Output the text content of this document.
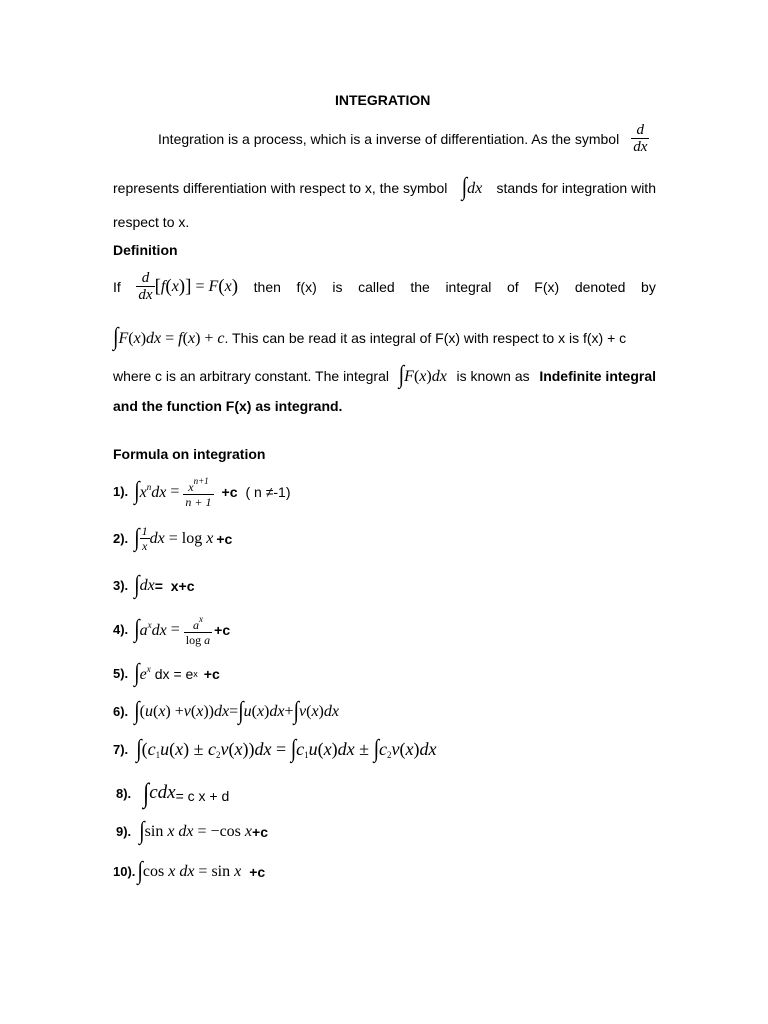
INTEGRATION
Integration is a process, which is a inverse of differentiation. As the symbol $\frac{d}{dx}$
represents differentiation with respect to x, the symbol ∫dx stands for integration with
respect to x.
Definition
If $\frac{d}{dx}$ [ f ( x )] = F ( x ) then f(x) is called the integral of F(x) denoted by
∫F(x)dx = f(x) + c . This can be read it as integral of F(x) with respect to x is f(x) + c
where c is an arbitrary constant. The integral ∫F(x)dx is known as Indefinite integral
and the function F(x) as integrand.
Formula on integration
1). ∫ $x^ndx = \frac{x^{n+1}}{n + 1} +c$ ( n ≠-1)
2). ∫ $\frac{1}{x}$ dx = log x +c
3). ∫ dx = x+c
4). ∫ $a^xdx = \frac{a^x}{\text{log a}} +c$
5). ∫ $e^x$ dx = e x +c
6). ∫ ( u ( x ) + v ( x )) dx = ∫ u ( x ) dx + ∫ v ( x ) dx
7). $\int(c_1u(x) \pm c_2v(x))dx = \int c_1u(x)dx \pm \int c_2v(x)dx$
8). ∫ cdx = c x + d
9). ∫ sin x dx = −cos x +c
10). ∫ cos x dx = sin x +c
